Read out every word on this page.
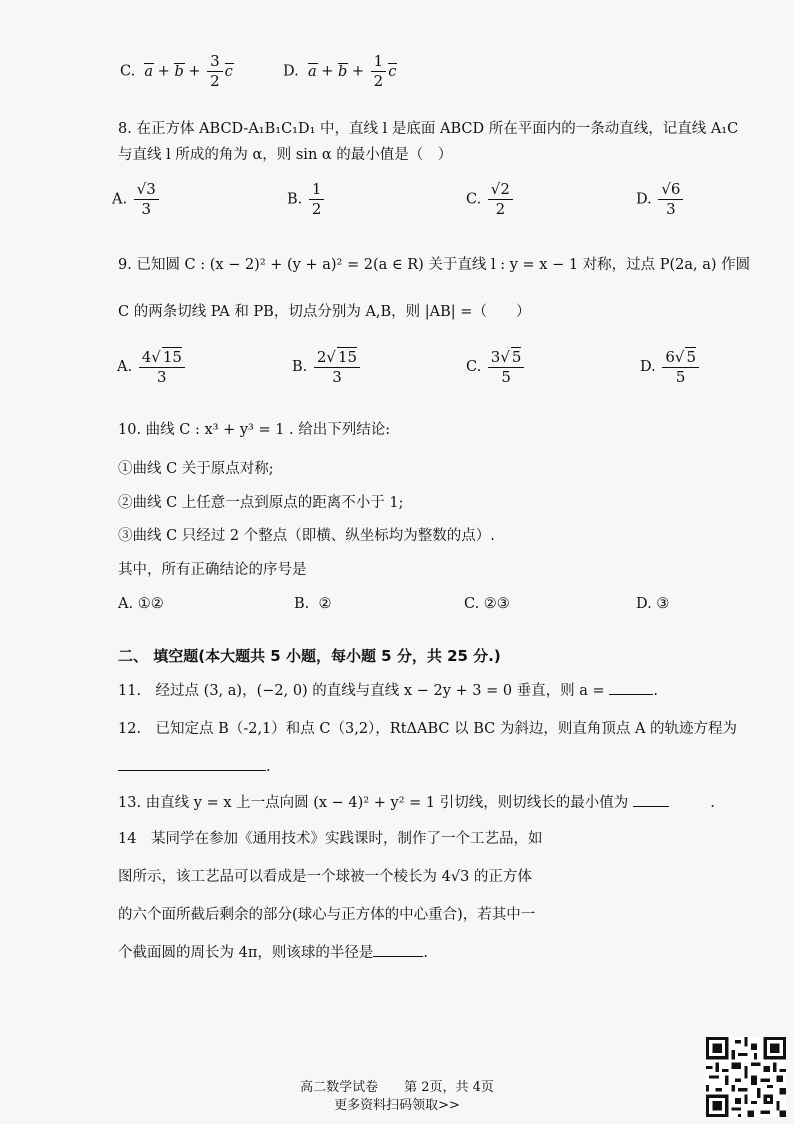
C. $a + b + \frac{3}{2}$ c	D. $a + b + \frac{1}{2}$ c
8. 在正方体 ABCD-A₁B₁C₁D₁ 中，直线 l 是底面 ABCD 所在平面内的一条动直线，记直线 A₁C
与直线 l 所成的角为 α，则 sin α 的最小值是（　）
A. $\frac{√3}{3}$	B. $\frac{1}{2}$	C. $\frac{√2}{2}$	D. $\frac{√6}{3}$
9. 已知圆 C : (x − 2)² + (y + a)² = 2(a ∈ R) 关于直线 l : y = x − 1 对称，过点 P(2a, a) 作圆
C 的两条切线 PA 和 PB，切点分别为 A,B，则 |AB| =（　　）
A. $\frac{4√ 15}{3}$	B. $\frac{2√ 15}{3}$	C. $\frac{3√ 5}{5}$	D. $\frac{6√ 5}{5}$
10. 曲线 C : x³ + y³ = 1 . 给出下列结论:
①曲线 C 关于原点对称;
②曲线 C 上任意一点到原点的距离不小于 1;
③曲线 C 只经过 2 个整点（即横、纵坐标均为整数的点）.
其中，所有正确结论的序号是
A. ①②	B. ②	C. ②③	D. ③
二、 填空题(本大题共 5 小题，每小题 5 分，共 25 分.)
11.　经过点 (3, a)，(−2, 0) 的直线与直线 x − 2y + 3 = 0 垂直，则 a =	.
12.　已知定点 B（-2,1）和点 C（3,2），RtΔABC 以 BC 为斜边，则直角顶点 A 的轨迹方程为
.
13. 由直线 y = x 上一点向圆 (x − 4)² + y² = 1 引切线，则切线长的最小值为	.
14　某同学在参加《通用技术》实践课时，制作了一个工艺品，如
图所示，该工艺品可以看成是一个球被一个棱长为 4√3 的正方体
的六个面所截后剩余的部分(球心与正方体的中心重合)，若其中一
个截面圆的周长为 4π，则该球的半径是	.
高二数学试卷　　第 2页，共 4页
更多资料扫码领取>>
